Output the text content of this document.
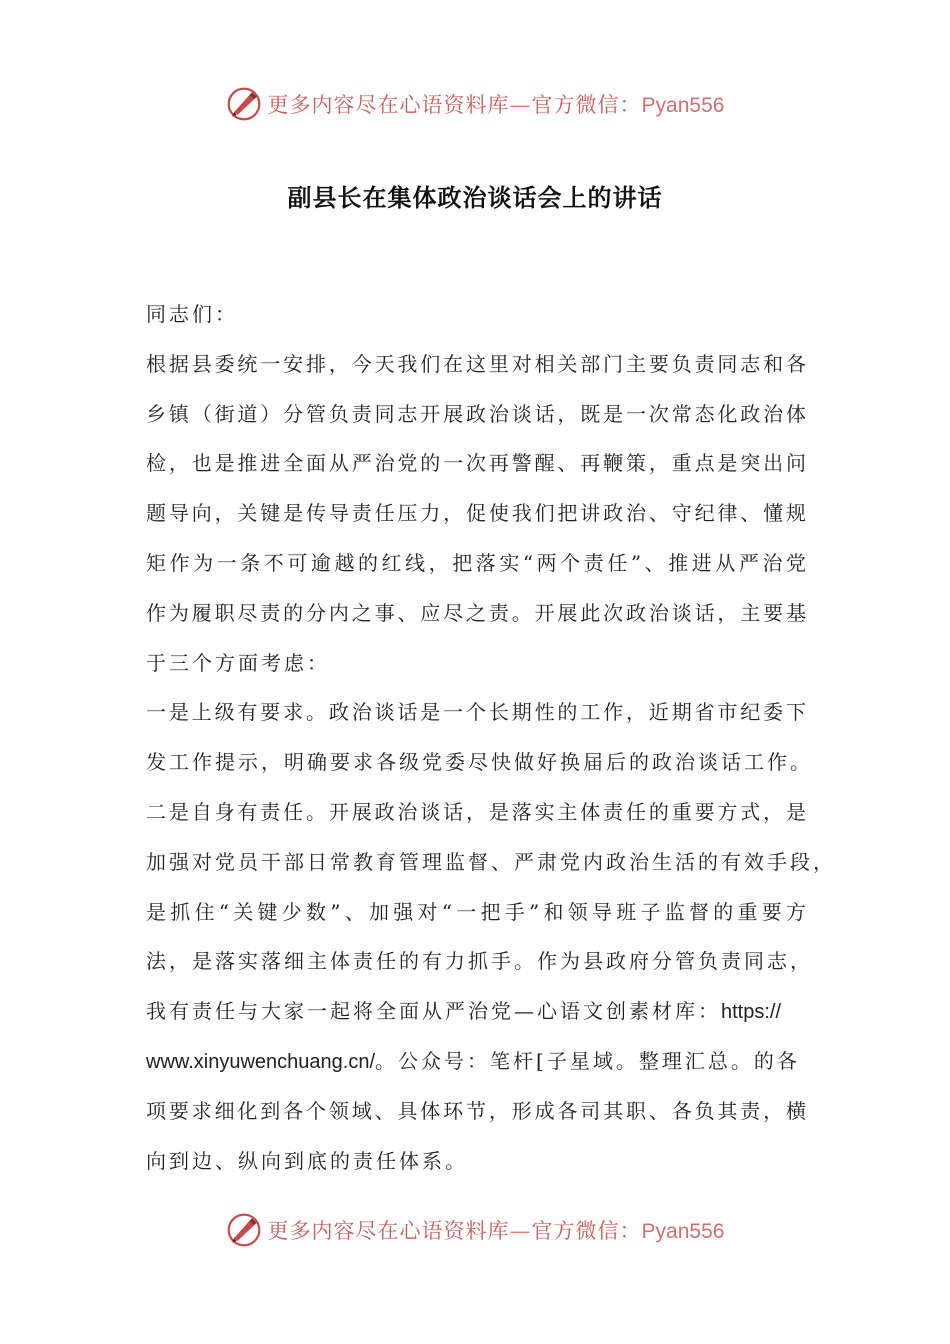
更多内容尽在心语资料库—官方微信：Pyan556
副县长在集体政治谈话会上的讲话
同志们：
根据县委统一安排，今天我们在这里对相关部门主要负责同志和各
乡镇（街道）分管负责同志开展政治谈话，既是一次常态化政治体
检，也是推进全面从严治党的一次再警醒、再鞭策，重点是突出问
题导向，关键是传导责任压力，促使我们把讲政治、守纪律、懂规
矩作为一条不可逾越的红线，把落实“两个责任”、推进从严治党
作为履职尽责的分内之事、应尽之责。开展此次政治谈话，主要基
于三个方面考虑：
一是上级有要求。政治谈话是一个长期性的工作，近期省市纪委下
发工作提示，明确要求各级党委尽快做好换届后的政治谈话工作。
二是自身有责任。开展政治谈话，是落实主体责任的重要方式，是
加强对党员干部日常教育管理监督、严肃党内政治生活的有效手段，
是抓住“关键少数”、加强对“一把手”和领导班子监督的重要方
法，是落实落细主体责任的有力抓手。作为县政府分管负责同志，
我有责任与大家一起将全面从严治党—心语文创素材库：https://
www.xinyuwenchuang.cn/。公众号：笔杆[子星域。整理汇总。的各
项要求细化到各个领域、具体环节，形成各司其职、各负其责，横
向到边、纵向到底的责任体系。
更多内容尽在心语资料库—官方微信：Pyan556
